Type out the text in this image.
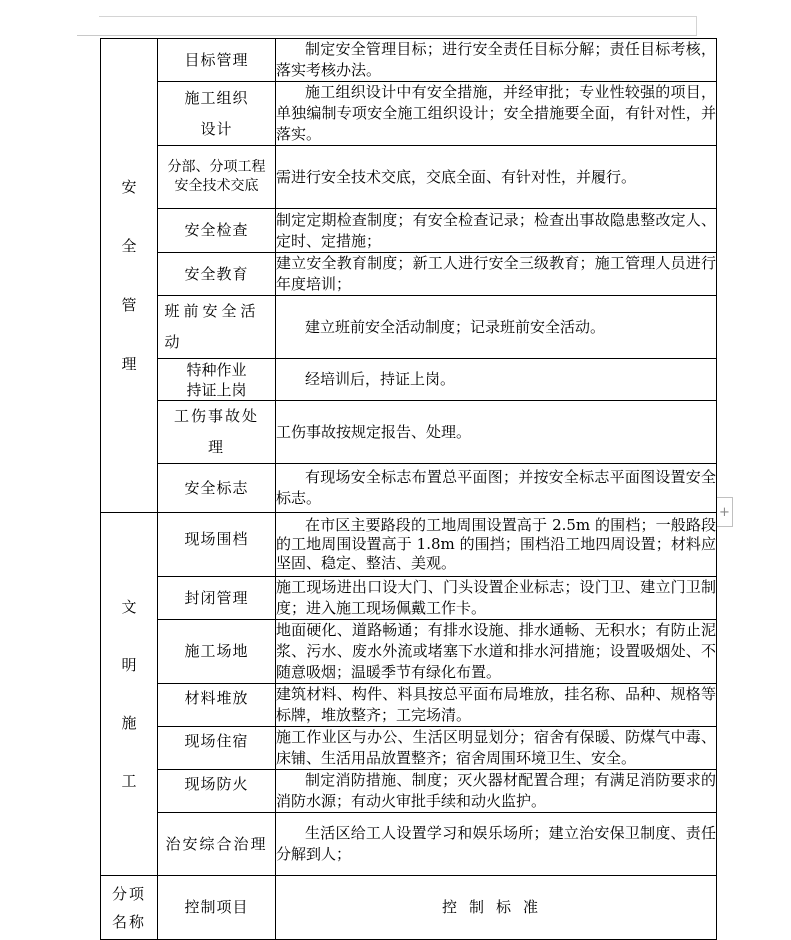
+
安
全
管
理	目标管理	制定安全管理目标；进行安全责任目标分解；责任目标考核，落实考核办法。

	施工组织设计	施工组织设计中有安全措施，并经审批；专业性较强的项目，单独编制专项安全施工组织设计；安全措施要全面，有针对性，并落实。

	分部、分项工程安全技术交底	需进行安全技术交底，交底全面、有针对性，并履行。
	安全检查	制定定期检查制度；有安全检查记录；检查出事故隐患整改定人、定时、定措施；
	安全教育	建立安全教育制度；新工人进行安全三级教育；施工管理人员进行年度培训；

	班前安全活动	建立班前安全活动制度；记录班前安全活动。

	特种作业持证上岗	经培训后，持证上岗。

	工伤事故处理	工伤事故按规定报告、处理。
	安全标志	有现场安全标志布置总平面图；并按安全标志平面图设置安全标志。

文
明
施
工	现场围档	在市区主要路段的工地周围设置高于 2.5m 的围档；一般路段的工地周围设置高于 1.8m 的围挡；围档沿工地四周设置；材料应坚固、稳定、整洁、美观。
	封闭管理	施工现场进出口设大门、门头设置企业标志；设门卫、建立门卫制度；进入施工现场佩戴工作卡。
	施工场地	地面硬化、道路畅通；有排水设施、排水通畅、无积水；有防止泥浆、污水、废水外流或堵塞下水道和排水河措施；设置吸烟处、不随意吸烟；温暖季节有绿化布置。
	材料堆放	建筑材料、构件、料具按总平面布局堆放，挂名称、品种、规格等标牌，堆放整齐；工完场清。
	现场住宿	施工作业区与办公、生活区明显划分；宿舍有保暖、防煤气中毒、床铺、生活用品放置整齐；宿舍周围环境卫生、安全。
	现场防火	制定消防措施、制度；灭火器材配置合理；有满足消防要求的消防水源；有动火审批手续和动火监护。

	治安综合治理	生活区给工人设置学习和娱乐场所；建立治安保卫制度、责任分解到人；

分项名称	控制项目	控制标准
